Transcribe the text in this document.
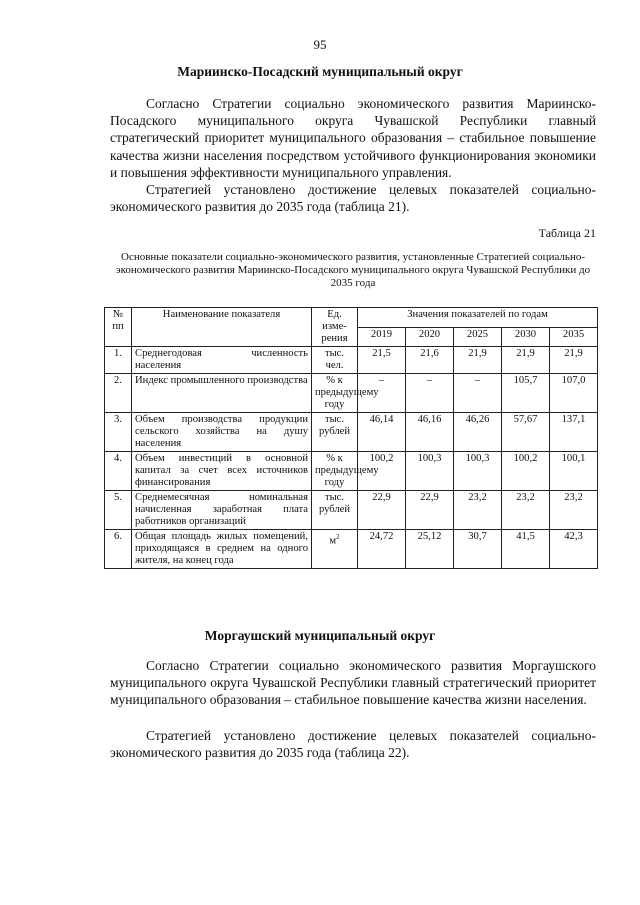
95
Мариинско-Посадский муниципальный округ

Согласно Стратегии социально экономического развития Мариинско-Посадского муниципального округа Чувашской Республики главный стратегический приоритет муниципального образования – стабильное повышение качества жизни населения посредством устойчивого функционирования экономики и повышения эффективности муниципального управления.

Стратегией установлено достижение целевых показателей социально-экономического развития до 2035 года (таблица 21).

Таблица 21
Основные показатели социально-экономического развития, установленные Стратегией социально-экономического развития Мариинско-Посадского муниципального округа Чувашской Республики до 2035 года
№ пп	Наименование показателя	Ед. изме-рения	Значения показателей по годам				
			2019	2020	2025	2030	2035
1.	Среднегодовая численность населения	тыс. чел.	21,5	21,6	21,9	21,9	21,9
2.	Индекс промышленного производства	% к предыдущему году	–	–	–	105,7	107,0
3.	Объем производства продукции сельского хозяйства на душу населения	тыс. рублей	46,14	46,16	46,26	57,67	137,1
4.	Объем инвестиций в основной капитал за счет всех источников финансирования	% к предыдущему году	100,2	100,3	100,3	100,2	100,1
5.	Среднемесячная номинальная начисленная заработная плата работников организаций	тыс. рублей	22,9	22,9	23,2	23,2	23,2
6.	Общая площадь жилых помещений, приходящаяся в среднем на одного жителя, на конец года	$м^2$	24,72	25,12	30,7	41,5	42,3
Моргаушский муниципальный округ

Согласно Стратегии социально экономического развития Моргаушского муниципального округа Чувашской Республики главный стратегический приоритет муниципального образования – стабильное повышение качества жизни населения.

Стратегией установлено достижение целевых показателей социально-экономического развития до 2035 года (таблица 22).
